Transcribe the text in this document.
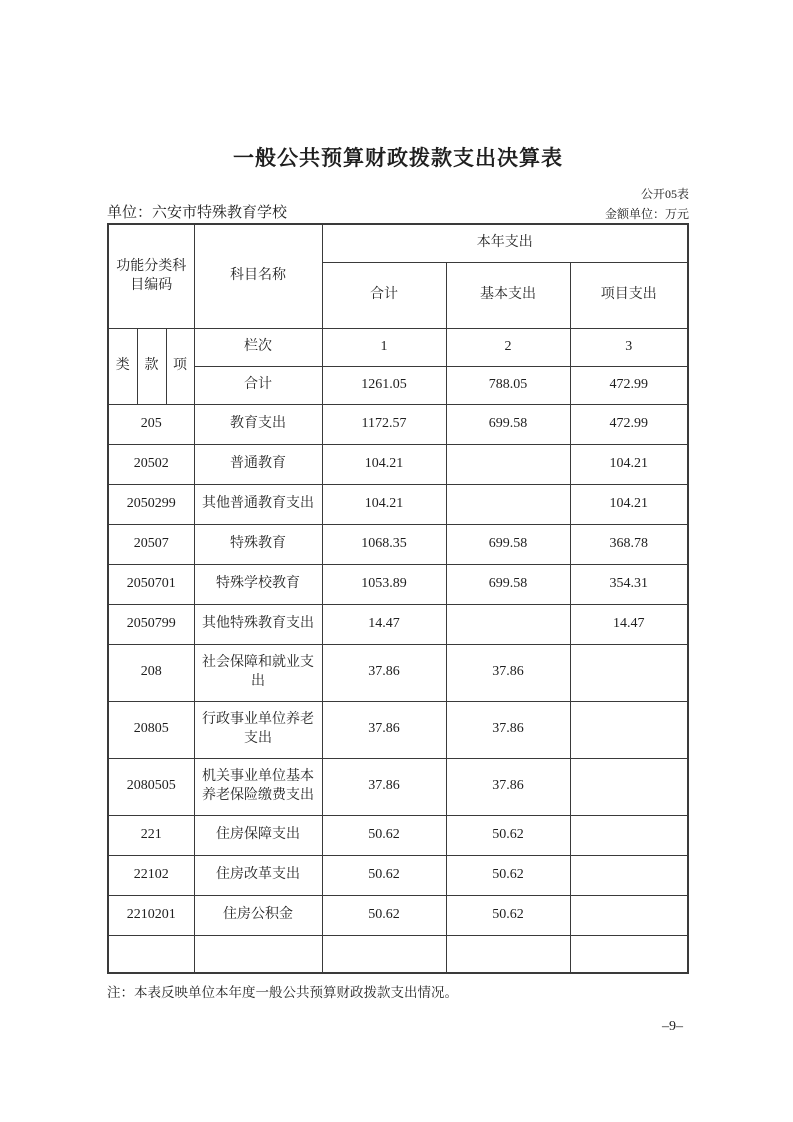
一般公共预算财政拨款支出决算表
公开05表
单位：六安市特殊教育学校	金额单位：万元
功能分类科目编码			科目名称	本年支出		
				合计	基本支出	项目支出
类	款	项	栏次	1	2	3
			合计	1261.05	788.05	472.99
205			教育支出	1172.57	699.58	472.99
20502			普通教育	104.21		104.21
2050299			其他普通教育支出	104.21		104.21
20507			特殊教育	1068.35	699.58	368.78
2050701			特殊学校教育	1053.89	699.58	354.31
2050799			其他特殊教育支出	14.47		14.47
208			社会保障和就业支出	37.86	37.86	
20805			行政事业单位养老支出	37.86	37.86	
2080505			机关事业单位基本养老保险缴费支出	37.86	37.86	
221			住房保障支出	50.62	50.62	
22102			住房改革支出	50.62	50.62	
2210201			住房公积金	50.62	50.62	

注：本表反映单位本年度一般公共预算财政拨款支出情况。
–9–
